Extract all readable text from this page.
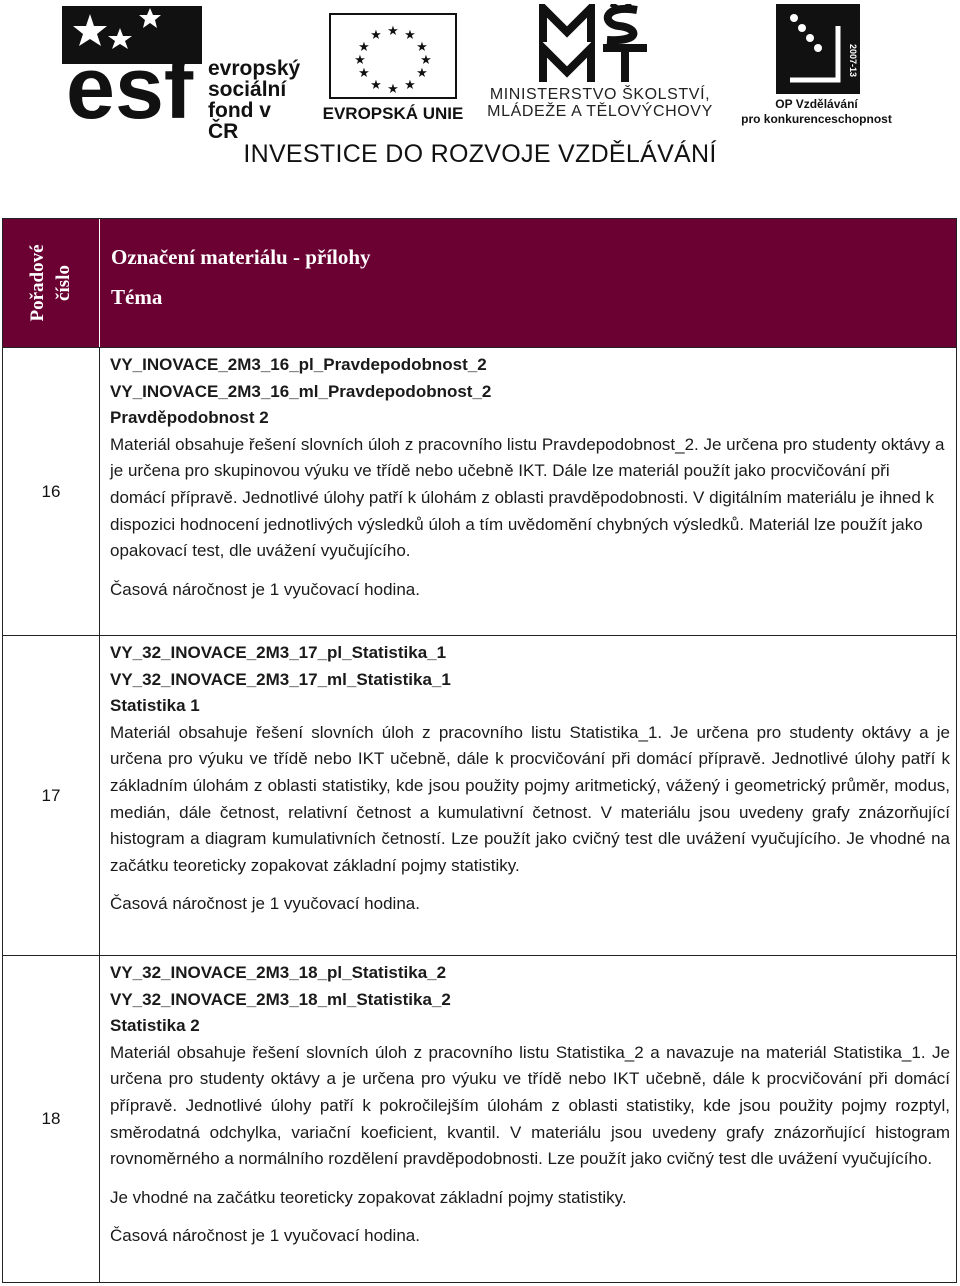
esf evropský
sociální
fond v ČR
★ ★
★
★
★
★
★
★
★
★
★
★
EVROPSKÁ UNIE
MINISTERSTVO ŠKOLSTVÍ,
MLÁDEŽE A TĚLOVÝCHOVY
2007-13
OP Vzdělávání
pro konkurenceschopnost
INVESTICE DO ROZVOJE VZDĚLÁVÁNÍ
Pořadové číslo
Označení materiálu - přílohy
Téma
16
VY_INOVACE_2M3_16_pl_Pravdepodobnost_2
VY_INOVACE_2M3_16_ml_Pravdepodobnost_2
Pravděpodobnost 2

Materiál obsahuje řešení slovních úloh z pracovního listu Pravdepodobnost_2. Je určena pro studenty oktávy a je určena pro skupinovou výuku ve třídě nebo učebně IKT. Dále lze materiál použít jako procvičování při domácí přípravě. Jednotlivé úlohy patří k úlohám z oblasti pravděpodobnosti. V digitálním materiálu je ihned k dispozici hodnocení jednotlivých výsledků úloh a tím uvědomění chybných výsledků. Materiál lze použít jako opakovací test, dle uvážení vyučujícího.

Časová náročnost je 1 vyučovací hodina.
17
VY_32_INOVACE_2M3_17_pl_Statistika_1
VY_32_INOVACE_2M3_17_ml_Statistika_1
Statistika 1

Materiál obsahuje řešení slovních úloh z pracovního listu Statistika_1. Je určena pro studenty oktávy a je určena pro výuku ve třídě nebo IKT učebně, dále k procvičování při domácí přípravě. Jednotlivé úlohy patří k základním úlohám z oblasti statistiky, kde jsou použity pojmy aritmetický, vážený i geometrický průměr, modus, medián, dále četnost, relativní četnost a kumulativní četnost. V materiálu jsou uvedeny grafy znázorňující histogram a diagram kumulativních četností. Lze použít jako cvičný test dle uvážení vyučujícího. Je vhodné na začátku teoreticky zopakovat základní pojmy statistiky.

Časová náročnost je 1 vyučovací hodina.
18
VY_32_INOVACE_2M3_18_pl_Statistika_2
VY_32_INOVACE_2M3_18_ml_Statistika_2
Statistika 2

Materiál obsahuje řešení slovních úloh z pracovního listu Statistika_2 a navazuje na materiál Statistika_1. Je určena pro studenty oktávy a je určena pro výuku ve třídě nebo IKT učebně, dále k procvičování při domácí přípravě. Jednotlivé úlohy patří k pokročilejším úlohám z oblasti statistiky, kde jsou použity pojmy rozptyl, směrodatná odchylka, variační koeficient, kvantil. V materiálu jsou uvedeny grafy znázorňující histogram rovnoměrného a normálního rozdělení pravděpodobnosti. Lze použít jako cvičný test dle uvážení vyučujícího.

Je vhodné na začátku teoreticky zopakovat základní pojmy statistiky.
Časová náročnost je 1 vyučovací hodina.
